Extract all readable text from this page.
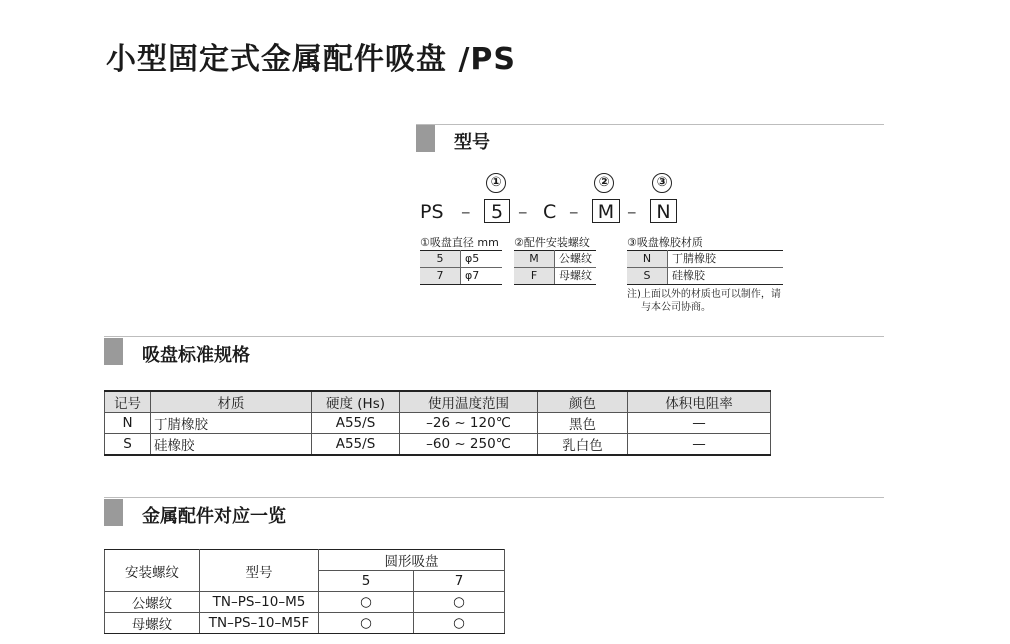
小型固定式金属配件吸盘 /PS
型号
①	②	③
PS –	5 – C –	M –	N
①吸盘直径 mm
5	φ5
7	φ7
②配件安装螺纹
M	公螺纹
F	母螺纹
③吸盘橡胶材质
N	丁腈橡胶
S	硅橡胶
注)上面以外的材质也可以制作，请
与本公司协商。
吸盘标准规格
记号	材质	硬度 (Hs)	使用温度范围	颜色	体积电阻率
N	丁腈橡胶	A55/S	–26 ~ 120℃	黑色	—
S	硅橡胶	A55/S	–60 ~ 250℃	乳白色	—
金属配件对应一览
安装螺纹	型号	圆形吸盘	
		5	7
公螺纹	TN–PS–10–M5	○	○
母螺纹	TN–PS–10–M5F	○	○
